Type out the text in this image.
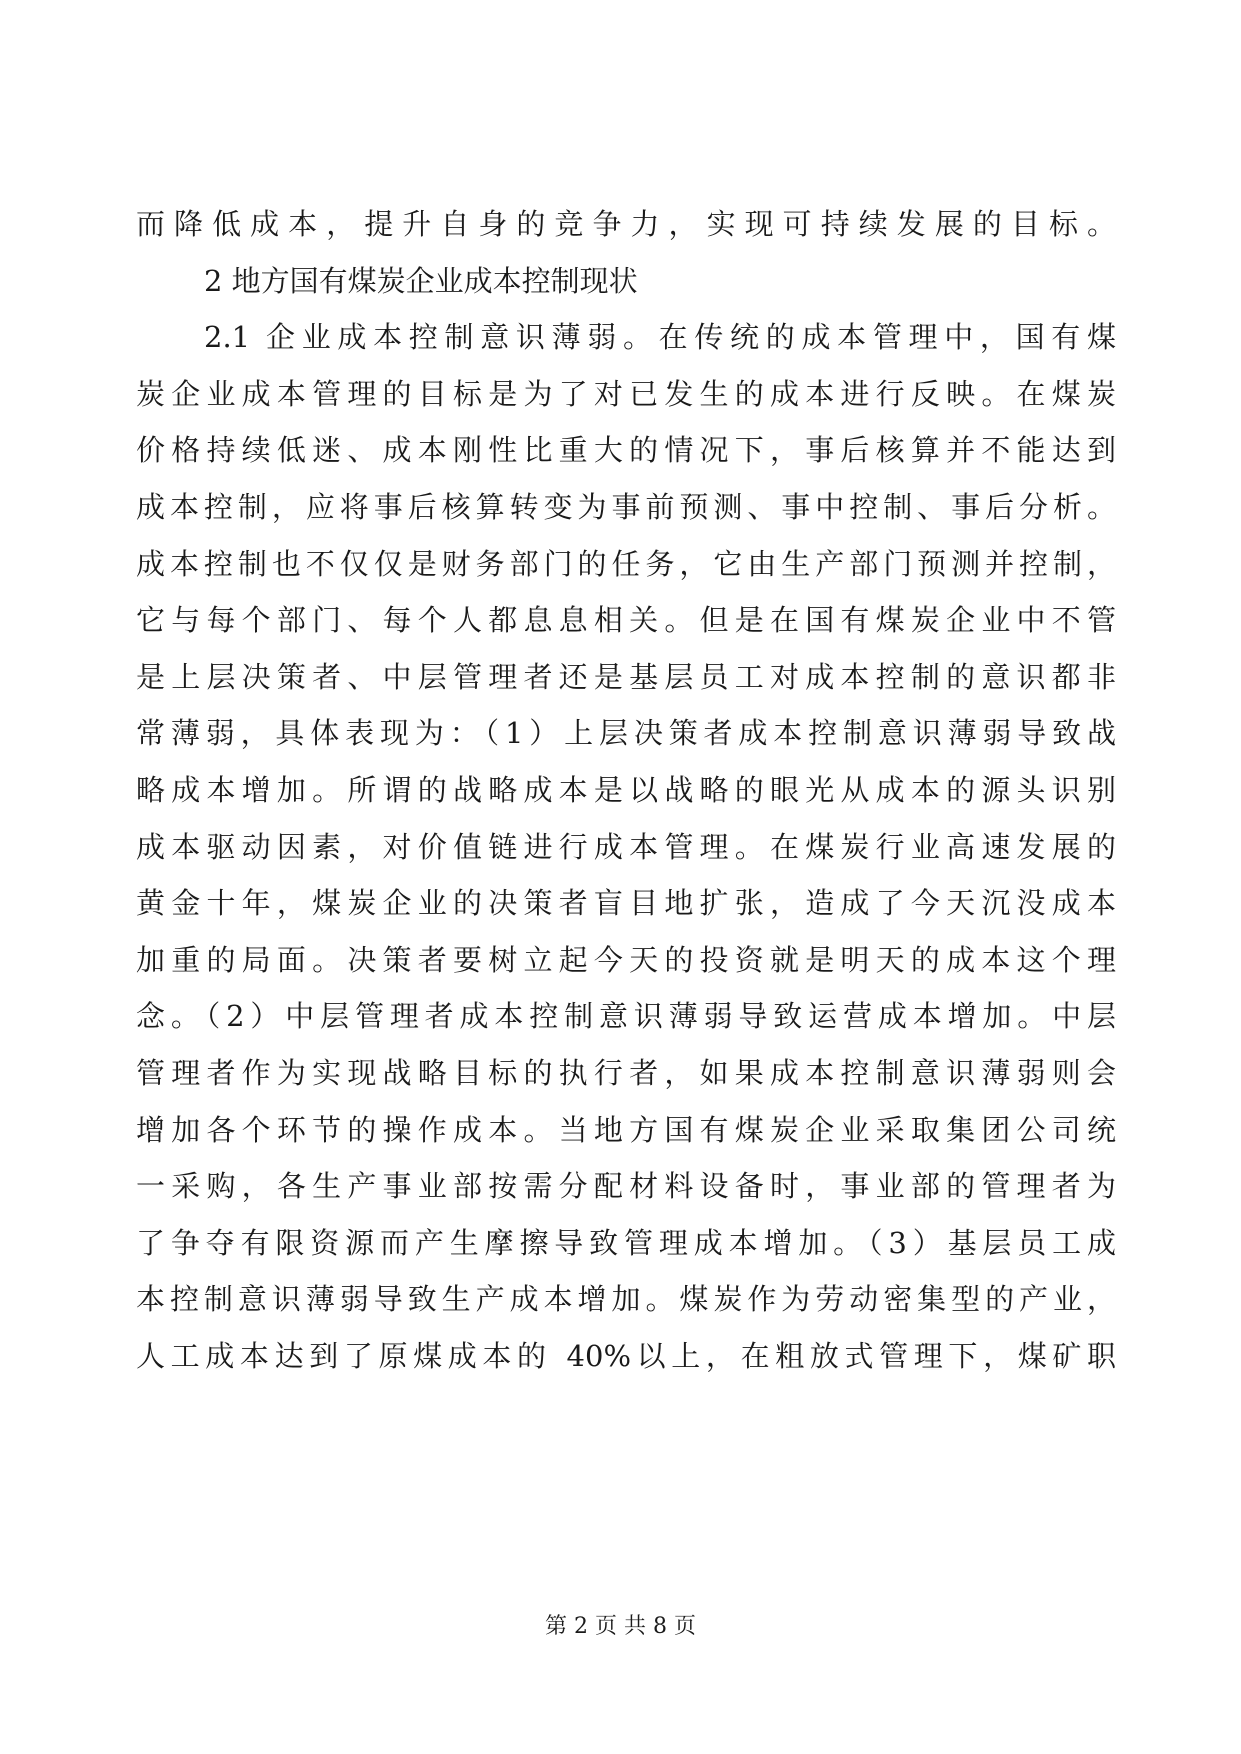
而降低成本，提升自身的竞争力，实现可持续发展的目标。
2 地方国有煤炭企业成本控制现状
2.1 企业成本控制意识薄弱。在传统的成本管理中，国有煤
炭企业成本管理的目标是为了对已发生的成本进行反映。在煤炭
价格持续低迷、成本刚性比重大的情况下，事后核算并不能达到
成本控制，应将事后核算转变为事前预测、事中控制、事后分析。
成本控制也不仅仅是财务部门的任务，它由生产部门预测并控制，
它与每个部门、每个人都息息相关。但是在国有煤炭企业中不管
是上层决策者、中层管理者还是基层员工对成本控制的意识都非
常薄弱，具体表现为：（1）上层决策者成本控制意识薄弱导致战
略成本增加。所谓的战略成本是以战略的眼光从成本的源头识别
成本驱动因素，对价值链进行成本管理。在煤炭行业高速发展的
黄金十年，煤炭企业的决策者盲目地扩张，造成了今天沉没成本
加重的局面。决策者要树立起今天的投资就是明天的成本这个理
念。（2）中层管理者成本控制意识薄弱导致运营成本增加。中层
管理者作为实现战略目标的执行者，如果成本控制意识薄弱则会
增加各个环节的操作成本。当地方国有煤炭企业采取集团公司统
一采购，各生产事业部按需分配材料设备时，事业部的管理者为
了争夺有限资源而产生摩擦导致管理成本增加。（3）基层员工成
本控制意识薄弱导致生产成本增加。煤炭作为劳动密集型的产业，
人工成本达到了原煤成本的 40%以上，在粗放式管理下，煤矿职
第 2 页 共 8 页
